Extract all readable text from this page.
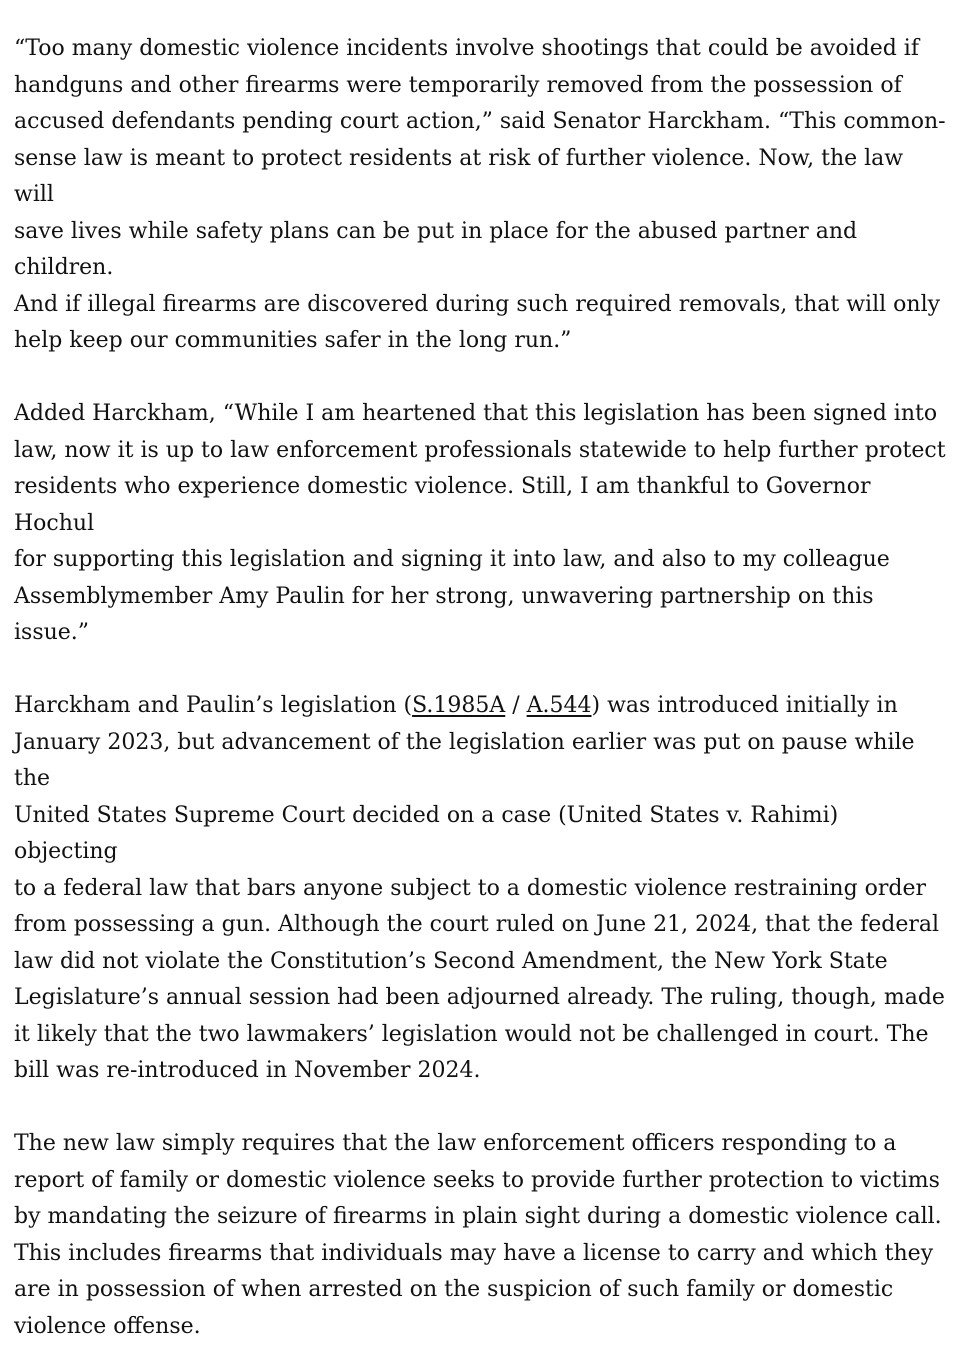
“Too many domestic violence incidents involve shootings that could be avoided if
handguns and other firearms were temporarily removed from the possession of
accused defendants pending court action,” said Senator Harckham. “This common-
sense law is meant to protect residents at risk of further violence. Now, the law will
save lives while safety plans can be put in place for the abused partner and children.
And if illegal firearms are discovered during such required removals, that will only
help keep our communities safer in the long run.”

Added Harckham, “While I am heartened that this legislation has been signed into
law, now it is up to law enforcement professionals statewide to help further protect
residents who experience domestic violence. Still, I am thankful to Governor Hochul
for supporting this legislation and signing it into law, and also to my colleague
Assemblymember Amy Paulin for her strong, unwavering partnership on this
issue.”

Harckham and Paulin’s legislation (S.1985A / A.544) was introduced initially in
January 2023, but advancement of the legislation earlier was put on pause while the
United States Supreme Court decided on a case (United States v. Rahimi) objecting
to a federal law that bars anyone subject to a domestic violence restraining order
from possessing a gun. Although the court ruled on June 21, 2024, that the federal
law did not violate the Constitution’s Second Amendment, the New York State
Legislature’s annual session had been adjourned already. The ruling, though, made
it likely that the two lawmakers’ legislation would not be challenged in court. The
bill was re-introduced in November 2024.

The new law simply requires that the law enforcement officers responding to a
report of family or domestic violence seeks to provide further protection to victims
by mandating the seizure of firearms in plain sight during a domestic violence call.
This includes firearms that individuals may have a license to carry and which they
are in possession of when arrested on the suspicion of such family or domestic
violence offense.
